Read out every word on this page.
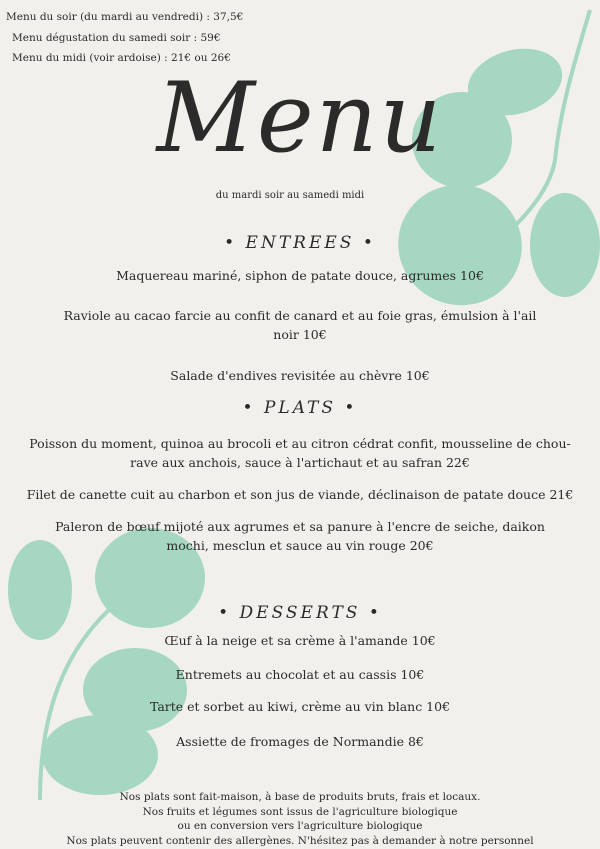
Menu du soir (du mardi au vendredi) : 37,5€
Menu dégustation du samedi soir : 59€
Menu du midi (voir ardoise) : 21€ ou 26€
Menu
du mardi soir au samedi midi
• ENTREES •
Maquereau mariné, siphon de patate douce, agrumes 10€
Raviole au cacao farcie au confit de canard et au foie gras, émulsion à l'ail noir 10€
Salade d'endives revisitée au chèvre 10€
• PLATS •
Poisson du moment, quinoa au brocoli et au citron cédrat confit, mousseline de chou-rave aux anchois, sauce à l'artichaut et au safran 22€
Filet de canette cuit au charbon et son jus de viande, déclinaison de patate douce 21€
Paleron de bœuf mijoté aux agrumes et sa panure à l'encre de seiche, daikon mochi, mesclun et sauce au vin rouge 20€
• DESSERTS •
Œuf à la neige et sa crème à l'amande 10€
Entremets au chocolat et au cassis 10€
Tarte et sorbet au kiwi, crème au vin blanc 10€
Assiette de fromages de Normandie 8€
Nos plats sont fait-maison, à base de produits bruts, frais et locaux.
Nos fruits et légumes sont issus de l'agriculture biologique
ou en conversion vers l'agriculture biologique
Nos plats peuvent contenir des allergènes. N'hésitez pas à demander à notre personnel
